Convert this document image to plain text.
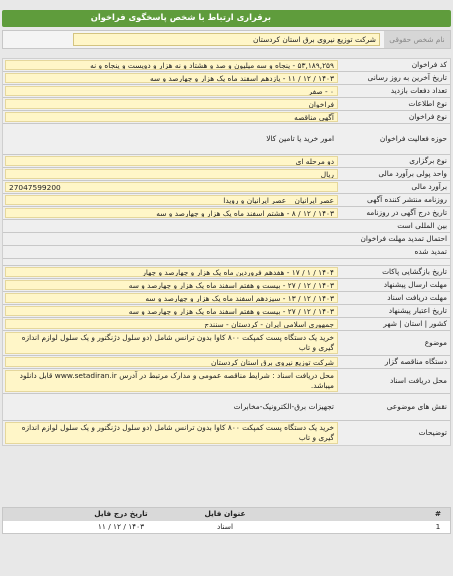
برقراری ارتباط با شخص پاسخگوی فراخوان
نام شخص حقوقی
شرکت توزیع نیروی برق استان کردستان
کد فراخوان
۵۳,۱۸۹,۲۵۹ - پنجاه و سه میلیون و صد و هشتاد و نه هزار و دویست و پنجاه و نه
تاریخ آخرین به روز رسانی
۱۴۰۳ / ۱۲ / ۱۱ - یازدهم اسفند ماه یک هزار و چهارصد و سه
تعداد دفعات بازدید
۰ - صفر
نوع اطلاعات
فراخوان
نوع فراخوان
آگهی مناقصه
حوزه فعالیت فراخوان
امور خرید یا تامین کالا
نوع برگزاری
دو مرحله ای
واحد پولی برآورد مالی
ریال
برآورد مالی
27047599200
روزنامه منتشر کننده آگهی
عصر ایرانیان _ عصر ایرانیان و رویدا
تاریخ درج آگهی در روزنامه
۱۴۰۳ / ۱۲ / ۸ - هشتم اسفند ماه یک هزار و چهارصد و سه
بین المللی است
احتمال تمدید مهلت فراخوان
تمدید شده
تاریخ بازگشایی پاکات
۱۴۰۴ / ۱ / ۱۷ - هفدهم فروردین ماه یک هزار و چهارصد و چهار
مهلت ارسال پیشنهاد
۱۴۰۳ / ۱۲ / ۲۷ - بیست و هفتم اسفند ماه یک هزار و چهارصد و سه
مهلت دریافت اسناد
۱۴۰۳ / ۱۲ / ۱۳ - سیزدهم اسفند ماه یک هزار و چهارصد و سه
تاریخ اعتبار پیشنهاد
۱۴۰۳ / ۱۲ / ۲۷ - بیست و هفتم اسفند ماه یک هزار و چهارصد و سه
کشور | استان | شهر
جمهوری اسلامی ایران - کردستان - سنندج
موضوع
خرید یک دستگاه پست کمپکت ۸۰۰ کاوا بدون ترانس شامل (دو سلول دژنگتور و یک سلول لوازم اندازه گیری و تاب
دستگاه مناقصه گزار
شرکت توزیع نیروی برق استان کردستان
محل دریافت اسناد
محل دریافت اسناد : شرایط مناقصه عمومی و مدارک مرتبط در آدرس www.setadiran.ir قابل دانلود میباشد.
نقش های موضوعی
تجهیزات برق-الکترونیک-مخابرات
توضیحات
خرید یک دستگاه پست کمپکت ۸۰۰ کاوا بدون ترانس شامل (دو سلول دژنگتور و یک سلول لوازم اندازه گیری و تاب
#
عنوان فایل
تاریخ درج فایل
1
اسناد
۱۴۰۳ / ۱۲ / ۱۱
